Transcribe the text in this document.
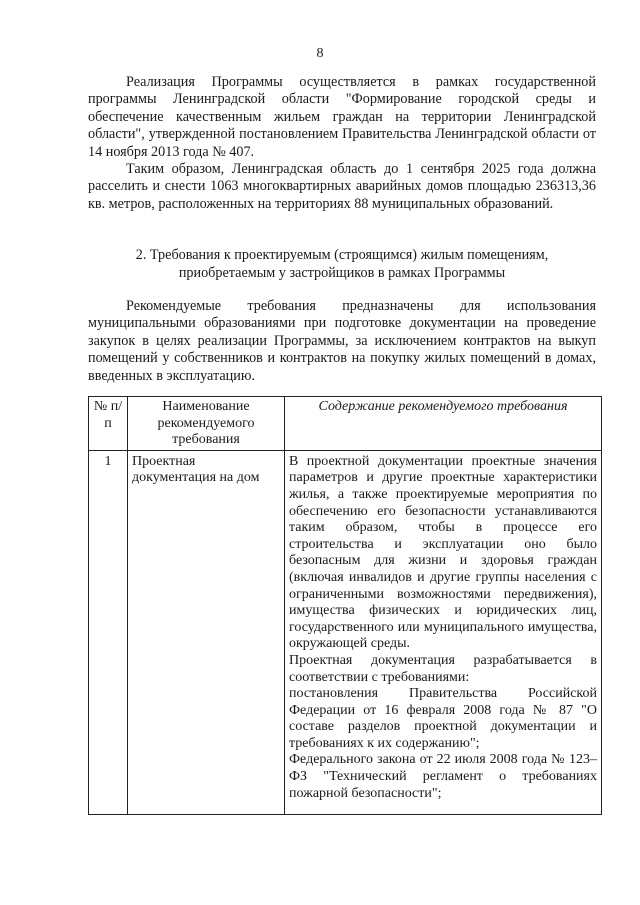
8

Реализация Программы осуществляется в рамках государственной программы Ленинградской области "Формирование городской среды и обеспечение качественным жильем граждан на территории Ленинградской области", утвержденной постановлением Правительства Ленинградской области от 14 ноября 2013 года № 407.

Таким образом, Ленинградская область до 1 сентября 2025 года должна расселить и снести 1063 многоквартирных аварийных домов площадью 236313,36 кв. метров, расположенных на территориях 88 муниципальных образований.

2. Требования к проектируемым (строящимся) жилым помещениям,
приобретаемым у застройщиков в рамках Программы

Рекомендуемые требования предназначены для использования муниципальными образованиями при подготовке документации на проведение закупок в целях реализации Программы, за исключением контрактов на выкуп помещений у собственников и контрактов на покупку жилых помещений в домах, введенных в эксплуатацию.

№ п/п	Наименование рекомендуемого требования	Содержание рекомендуемого требования
1	Проектная документация на дом	В проектной документации проектные значения параметров и другие проектные характеристики жилья, а также проектируемые мероприятия по обеспечению его безопасности устанавливаются таким образом, чтобы в процессе его строительства и эксплуатации оно было безопасным для жизни и здоровья граждан (включая инвалидов и другие группы населения с ограниченными возможностями передвижения), имущества физических и юридических лиц, государственного или муниципального имущества, окружающей среды.

Проектная документация разрабатывается в соответствии с требованиями:

постановления Правительства Российской Федерации от 16 февраля 2008 года № 87 "О составе разделов проектной документации и требованиях к их содержанию";

Федерального закона от 22 июля 2008 года № 123–ФЗ "Технический регламент о требованиях пожарной безопасности";
